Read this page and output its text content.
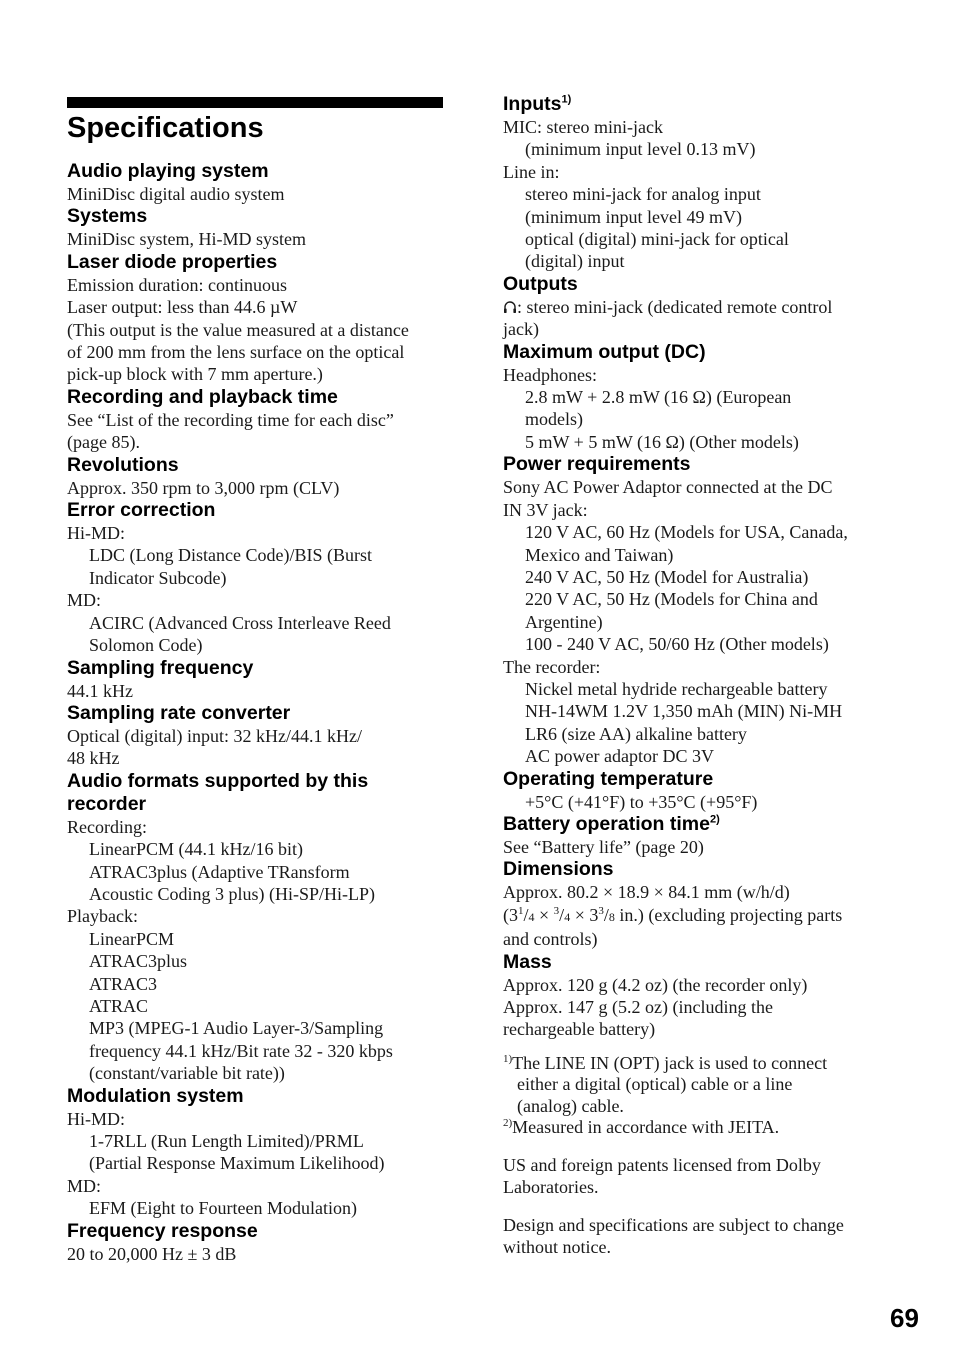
Specifications

Audio playing system

MiniDisc digital audio system

Systems

MiniDisc system, Hi-MD system

Laser diode properties

Emission duration: continuous

Laser output: less than 44.6 µW

(This output is the value measured at a distance

of 200 mm from the lens surface on the optical

pick-up block with 7 mm aperture.)

Recording and playback time

See “List of the recording time for each disc”

(page 85).

Revolutions

Approx. 350 rpm to 3,000 rpm (CLV)

Error correction

Hi-MD:

LDC (Long Distance Code)/BIS (Burst

Indicator Subcode)

MD:

ACIRC (Advanced Cross Interleave Reed

Solomon Code)

Sampling frequency

44.1 kHz

Sampling rate converter

Optical (digital) input: 32 kHz/44.1 kHz/

48 kHz

Audio formats supported by this

recorder

Recording:

LinearPCM (44.1 kHz/16 bit)

ATRAC3plus (Adaptive TRansform

Acoustic Coding 3 plus) (Hi-SP/Hi-LP)

Playback:

LinearPCM

ATRAC3plus

ATRAC3

ATRAC

MP3 (MPEG-1 Audio Layer-3/Sampling

frequency 44.1 kHz/Bit rate 32 - 320 kbps

(constant/variable bit rate))

Modulation system

Hi-MD:

1-7RLL (Run Length Limited)/PRML

(Partial Response Maximum Likelihood)

MD:

EFM (Eight to Fourteen Modulation)

Frequency response

20 to 20,000 Hz ± 3 dB

Inputs$^{1)}$

MIC: stereo mini-jack

(minimum input level 0.13 mV)

Line in:

stereo mini-jack for analog input

(minimum input level 49 mV)

optical (digital) mini-jack for optical

(digital) input

Outputs

: stereo mini-jack (dedicated remote control

jack)

Maximum output (DC)

Headphones:

2.8 mW + 2.8 mW (16 Ω) (European

models)

5 mW + 5 mW (16 Ω) (Other models)

Power requirements

Sony AC Power Adaptor connected at the DC

IN 3V jack:

120 V AC, 60 Hz (Models for USA, Canada,

Mexico and Taiwan)

240 V AC, 50 Hz (Model for Australia)

220 V AC, 50 Hz (Models for China and

Argentine)

100 - 240 V AC, 50/60 Hz (Other models)

The recorder:

Nickel metal hydride rechargeable battery

NH-14WM 1.2V 1,350 mAh (MIN) Ni-MH

LR6 (size AA) alkaline battery

AC power adaptor DC 3V

Operating temperature

+5°C (+41°F) to +35°C (+95°F)

Battery operation time$^{2)}$

See “Battery life” (page 20)

Dimensions

Approx. 80.2 × 18.9 × 84.1 mm (w/h/d)

($3^1/4 \times ^3/4 \times 3^3/8$ in.) (excluding projecting parts

and controls)

Mass

Approx. 120 g (4.2 oz) (the recorder only)

Approx. 147 g (5.2 oz) (including the

rechargeable battery)

$^{1)}$The LINE IN (OPT) jack is used to connect

either a digital (optical) cable or a line

(analog) cable.

$^{2)}$Measured in accordance with JEITA.

US and foreign patents licensed from Dolby

Laboratories.

Design and specifications are subject to change

without notice.

69
